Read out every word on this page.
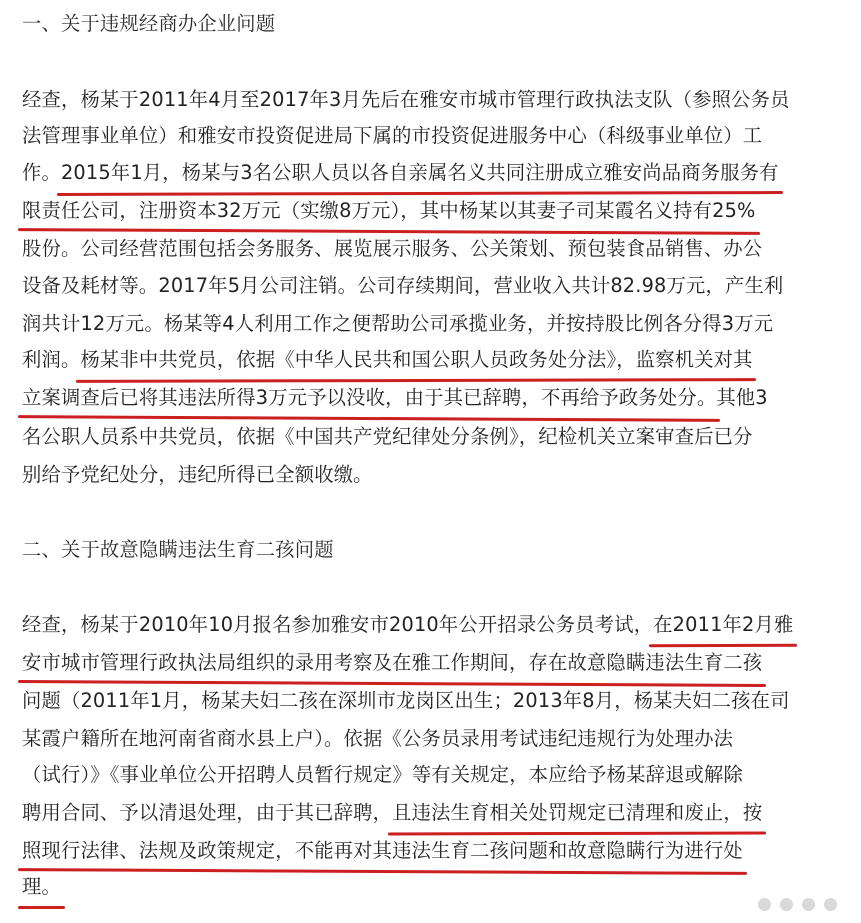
一、关于违规经商办企业问题
经查，杨某于2011年4月至2017年3月先后在雅安市城市管理行政执法支队（参照公务员
法管理事业单位）和雅安市投资促进局下属的市投资促进服务中心（科级事业单位）工
作。2015年1月，杨某与3名公职人员以各自亲属名义共同注册成立雅安尚品商务服务有
限责任公司，注册资本32万元（实缴8万元），其中杨某以其妻子司某霞名义持有25%
股份。公司经营范围包括会务服务、展览展示服务、公关策划、预包装食品销售、办公
设备及耗材等。2017年5月公司注销。公司存续期间，营业收入共计82.98万元，产生利
润共计12万元。杨某等4人利用工作之便帮助公司承揽业务，并按持股比例各分得3万元
利润。杨某非中共党员，依据《中华人民共和国公职人员政务处分法》，监察机关对其
立案调查后已将其违法所得3万元予以没收，由于其已辞聘，不再给予政务处分。其他3
名公职人员系中共党员，依据《中国共产党纪律处分条例》，纪检机关立案审查后已分
别给予党纪处分，违纪所得已全额收缴。
二、关于故意隐瞒违法生育二孩问题
经查，杨某于2010年10月报名参加雅安市2010年公开招录公务员考试，在2011年2月雅
安市城市管理行政执法局组织的录用考察及在雅工作期间，存在故意隐瞒违法生育二孩
问题（2011年1月，杨某夫妇二孩在深圳市龙岗区出生；2013年8月，杨某夫妇二孩在司
某霞户籍所在地河南省商水县上户）。依据《公务员录用考试违纪违规行为处理办法
（试行）》《事业单位公开招聘人员暂行规定》等有关规定，本应给予杨某辞退或解除
聘用合同、予以清退处理，由于其已辞聘，且违法生育相关处罚规定已清理和废止，按
照现行法律、法规及政策规定，不能再对其违法生育二孩问题和故意隐瞒行为进行处
理。
